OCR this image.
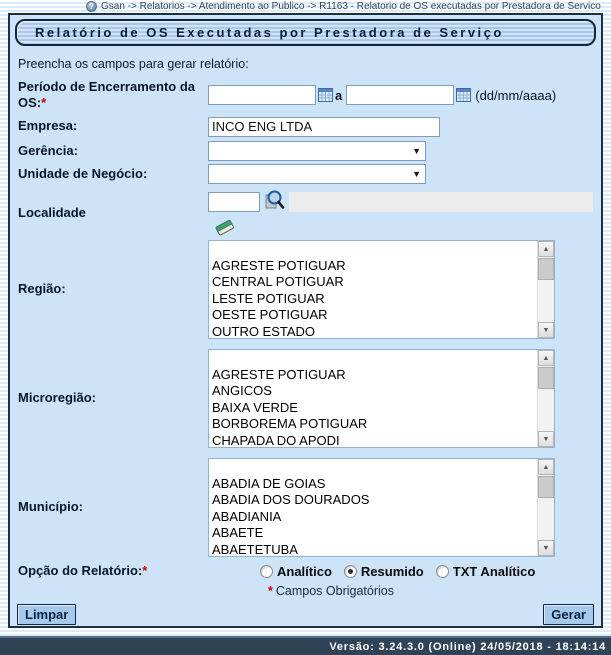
? Gsan -> Relatorios -> Atendimento ao Publico -> R1163 - Relatorio de OS executadas por Prestadora de Servico
Relatório de OS Executadas por Prestadora de Serviço
Preencha os campos para gerar relatório:
Período de Encerramento da OS:*	a	(dd/mm/aaaa)
Empresa:
INCO ENG LTDA
Gerência:	▼
Unidade de Negócio:	▼
Localidade
Região:

AGRESTE POTIGUAR
CENTRAL POTIGUAR
LESTE POTIGUAR
OESTE POTIGUAR
OUTRO ESTADO
▲
▼
Microregião:

AGRESTE POTIGUAR
ANGICOS
BAIXA VERDE
BORBOREMA POTIGUAR
CHAPADA DO APODI
▲
▼
Município:

ABADIA DE GOIAS
ABADIA DOS DOURADOS
ABADIANIA
ABAETE
ABAETETUBA
▲
▼
Opção do Relatório:*	Analítico Resumido TXT Analítico
* Campos Obrigatórios
Limpar	Gerar
Versão: 3.24.3.0 (Online) 24/05/2018 - 18:14:14
